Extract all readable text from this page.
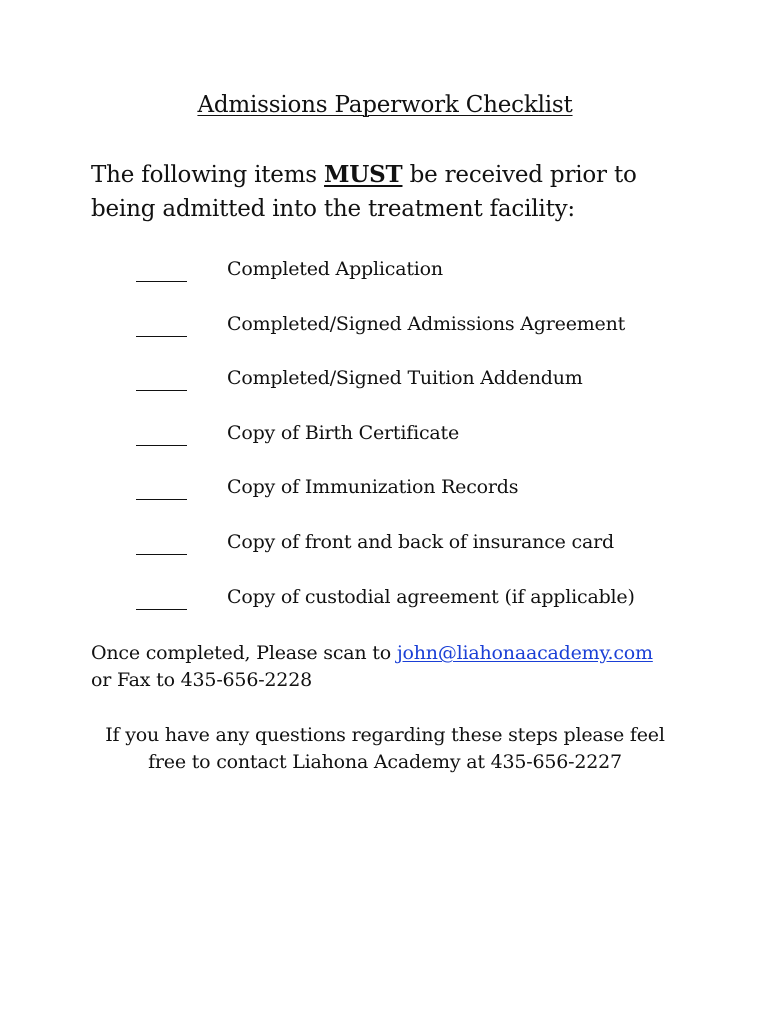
Admissions Paperwork Checklist
The following items MUST be received prior to
being admitted into the treatment facility:
Completed Application
Completed/Signed Admissions Agreement
Completed/Signed Tuition Addendum
Copy of Birth Certificate
Copy of Immunization Records
Copy of front and back of insurance card
Copy of custodial agreement (if applicable)
Once completed, Please scan to john@liahonaacademy.com
or Fax to 435-656-2228
If you have any questions regarding these steps please feel
free to contact Liahona Academy at 435-656-2227
